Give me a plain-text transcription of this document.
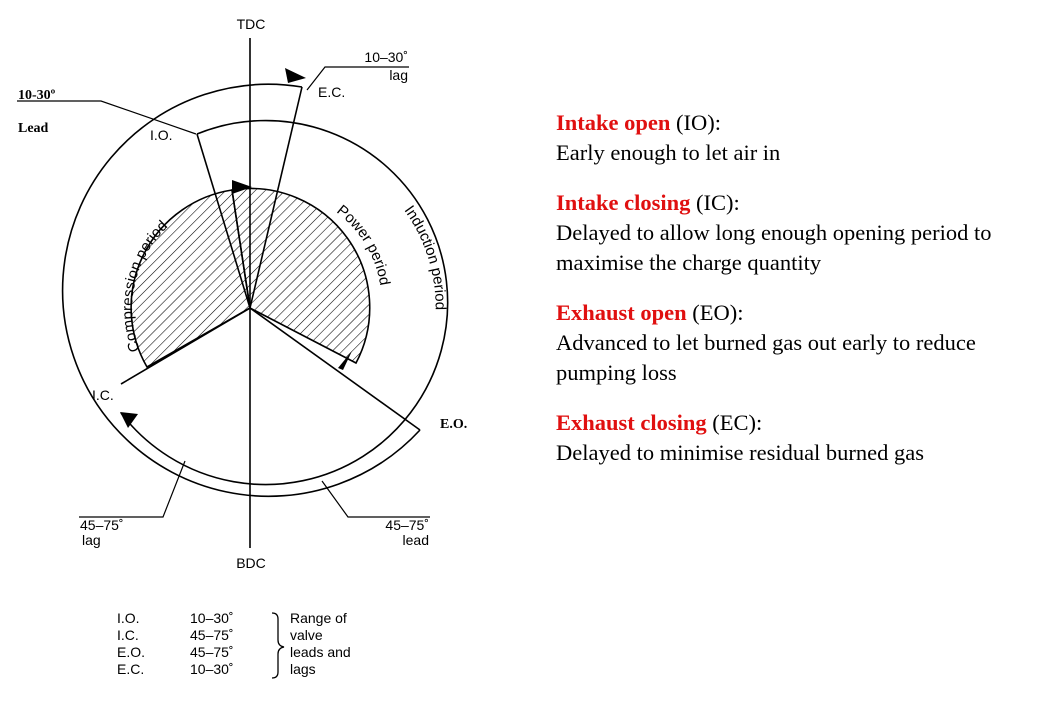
TDC
BDC
10–30˚
lag
E.C.
10-30º
Lead	I.O.
I.C.
E.O.
45–75˚
lag
45–75˚
lead
Compression period
Power period
Induction period
I.O.	10–30˚
I.C.	45–75˚
E.O.	45–75˚
E.C.	10–30˚
Range of
valve
leads and
lags

Intake open (IO):

Early enough to let air in

Intake closing (IC):

Delayed to allow long enough opening period to maximise the charge quantity

Exhaust open (EO):

Advanced to let burned gas out early to reduce pumping loss

Exhaust closing (EC):

Delayed to minimise residual burned gas
